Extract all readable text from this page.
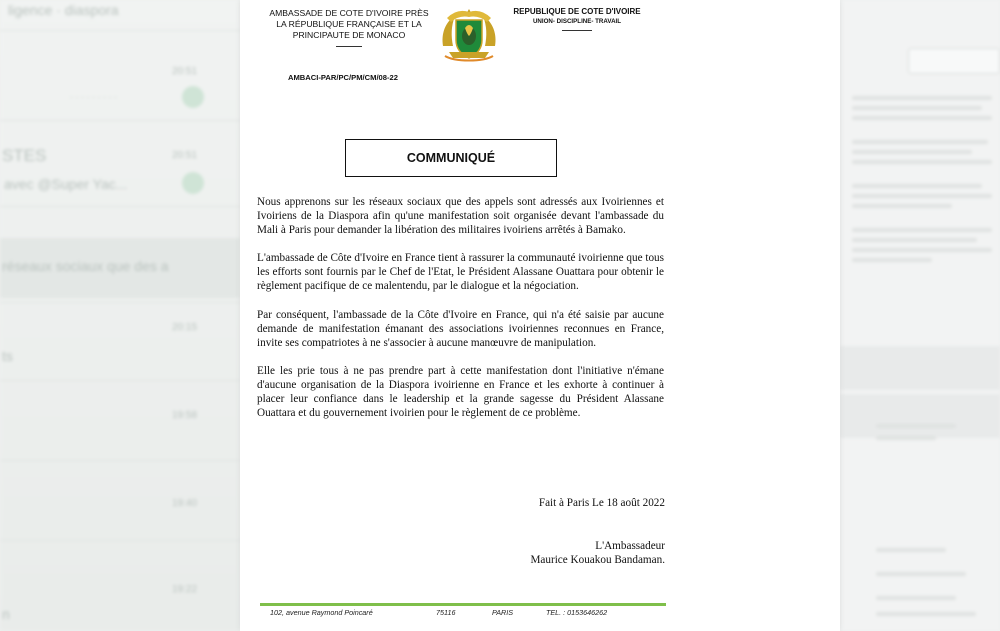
ligence · diaspora
20:51
· · · · · · · · ·
STES	20:51
avec @Super Yac...
réseaux sociaux que des a
20:15
ts
19:58
19:40
19:22
n
AMBASSADE DE COTE D'IVOIRE PRÈS
LA RÉPUBLIQUE FRANÇAISE ET LA
PRINCIPAUTE DE MONACO
AMBACI-PAR/PC/PM/CM/08-22
REPUBLIQUE DE COTE D'IVOIRE
UNION- DISCIPLINE- TRAVAIL
COMMUNIQUÉ

Nous apprenons sur les réseaux sociaux que des appels sont adressés aux Ivoiriennes et Ivoiriens de la Diaspora afin qu'une manifestation soit organisée devant l'ambassade du Mali à Paris pour demander la libération des militaires ivoiriens arrêtés à Bamako.

L'ambassade de Côte d'Ivoire en France tient à rassurer la communauté ivoirienne que tous les efforts sont fournis par le Chef de l'Etat, le Président Alassane Ouattara pour obtenir le règlement pacifique de ce malentendu, par le dialogue et la négociation.

Par conséquent, l'ambassade de la Côte d'Ivoire en France, qui n'a été saisie par aucune demande de manifestation émanant des associations ivoiriennes reconnues en France, invite ses compatriotes à ne s'associer à aucune manœuvre de manipulation.

Elle les prie tous à ne pas prendre part à cette manifestation dont l'initiative n'émane d'aucune organisation de la Diaspora ivoirienne en France et les exhorte à continuer à placer leur confiance dans le leadership et la grande sagesse du Président Alassane Ouattara et du gouvernement ivoirien pour le règlement de ce problème.

Fait à Paris Le 18 août 2022
L'Ambassadeur
Maurice Kouakou Bandaman.
102, avenue Raymond Poincaré	75116	PARIS	TEL. : 0153646262
